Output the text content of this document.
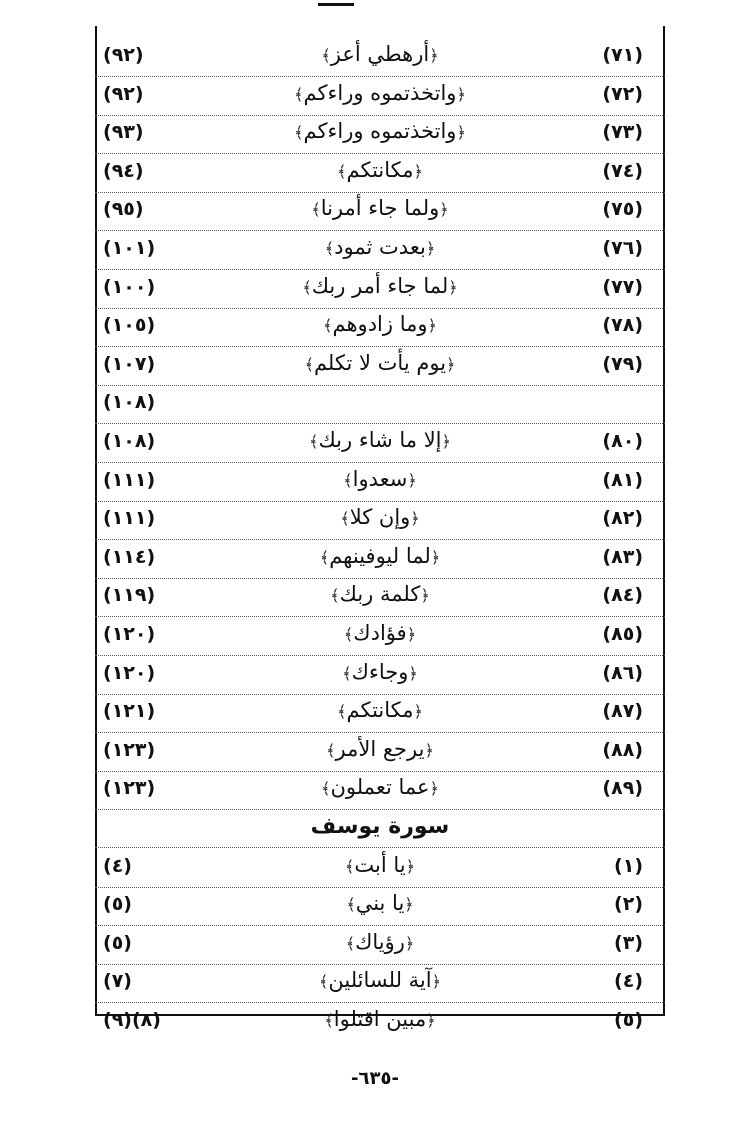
(٧١)
﴿أرهطي أعز﴾
(٩٢)
(٧٢)
﴿واتخذتموه وراءكم﴾
(٩٢)
(٧٣)
﴿واتخذتموه وراءكم﴾
(٩٣)
(٧٤)
﴿مكانتكم﴾
(٩٤)
(٧٥)
﴿ولما جاء أمرنا﴾
(٩٥)
(٧٦)
﴿بعدت ثمود﴾
(١٠١)
(٧٧)
﴿لما جاء أمر ربك﴾
(١٠٠)
(٧٨)
﴿وما زادوهم﴾
(١٠٥)
(٧٩)
﴿يوم يأت لا تكلم﴾
(١٠٧)
(١٠٨)
(٨٠)
﴿إلا ما شاء ربك﴾
(١٠٨)
(٨١)
﴿سعدوا﴾
(١١١)
(٨٢)
﴿وإن كلا﴾
(١١١)
(٨٣)
﴿لما ليوفينهم﴾
(١١٤)
(٨٤)
﴿كلمة ربك﴾
(١١٩)
(٨٥)
﴿فؤادك﴾
(١٢٠)
(٨٦)
﴿وجاءك﴾
(١٢٠)
(٨٧)
﴿مكانتكم﴾
(١٢١)
(٨٨)
﴿يرجع الأمر﴾
(١٢٣)
(٨٩)
﴿عما تعملون﴾
(١٢٣)
سورة يوسف
(١)
﴿يا أبت﴾
(٤)
(٢)
﴿يا بني﴾
(٥)
(٣)
﴿رؤياك﴾
(٥)
(٤)
﴿آية للسائلين﴾
(٧)
(٥)
﴿مبين اقتلوا﴾
(٨)(٩)
-٦٣٥-
